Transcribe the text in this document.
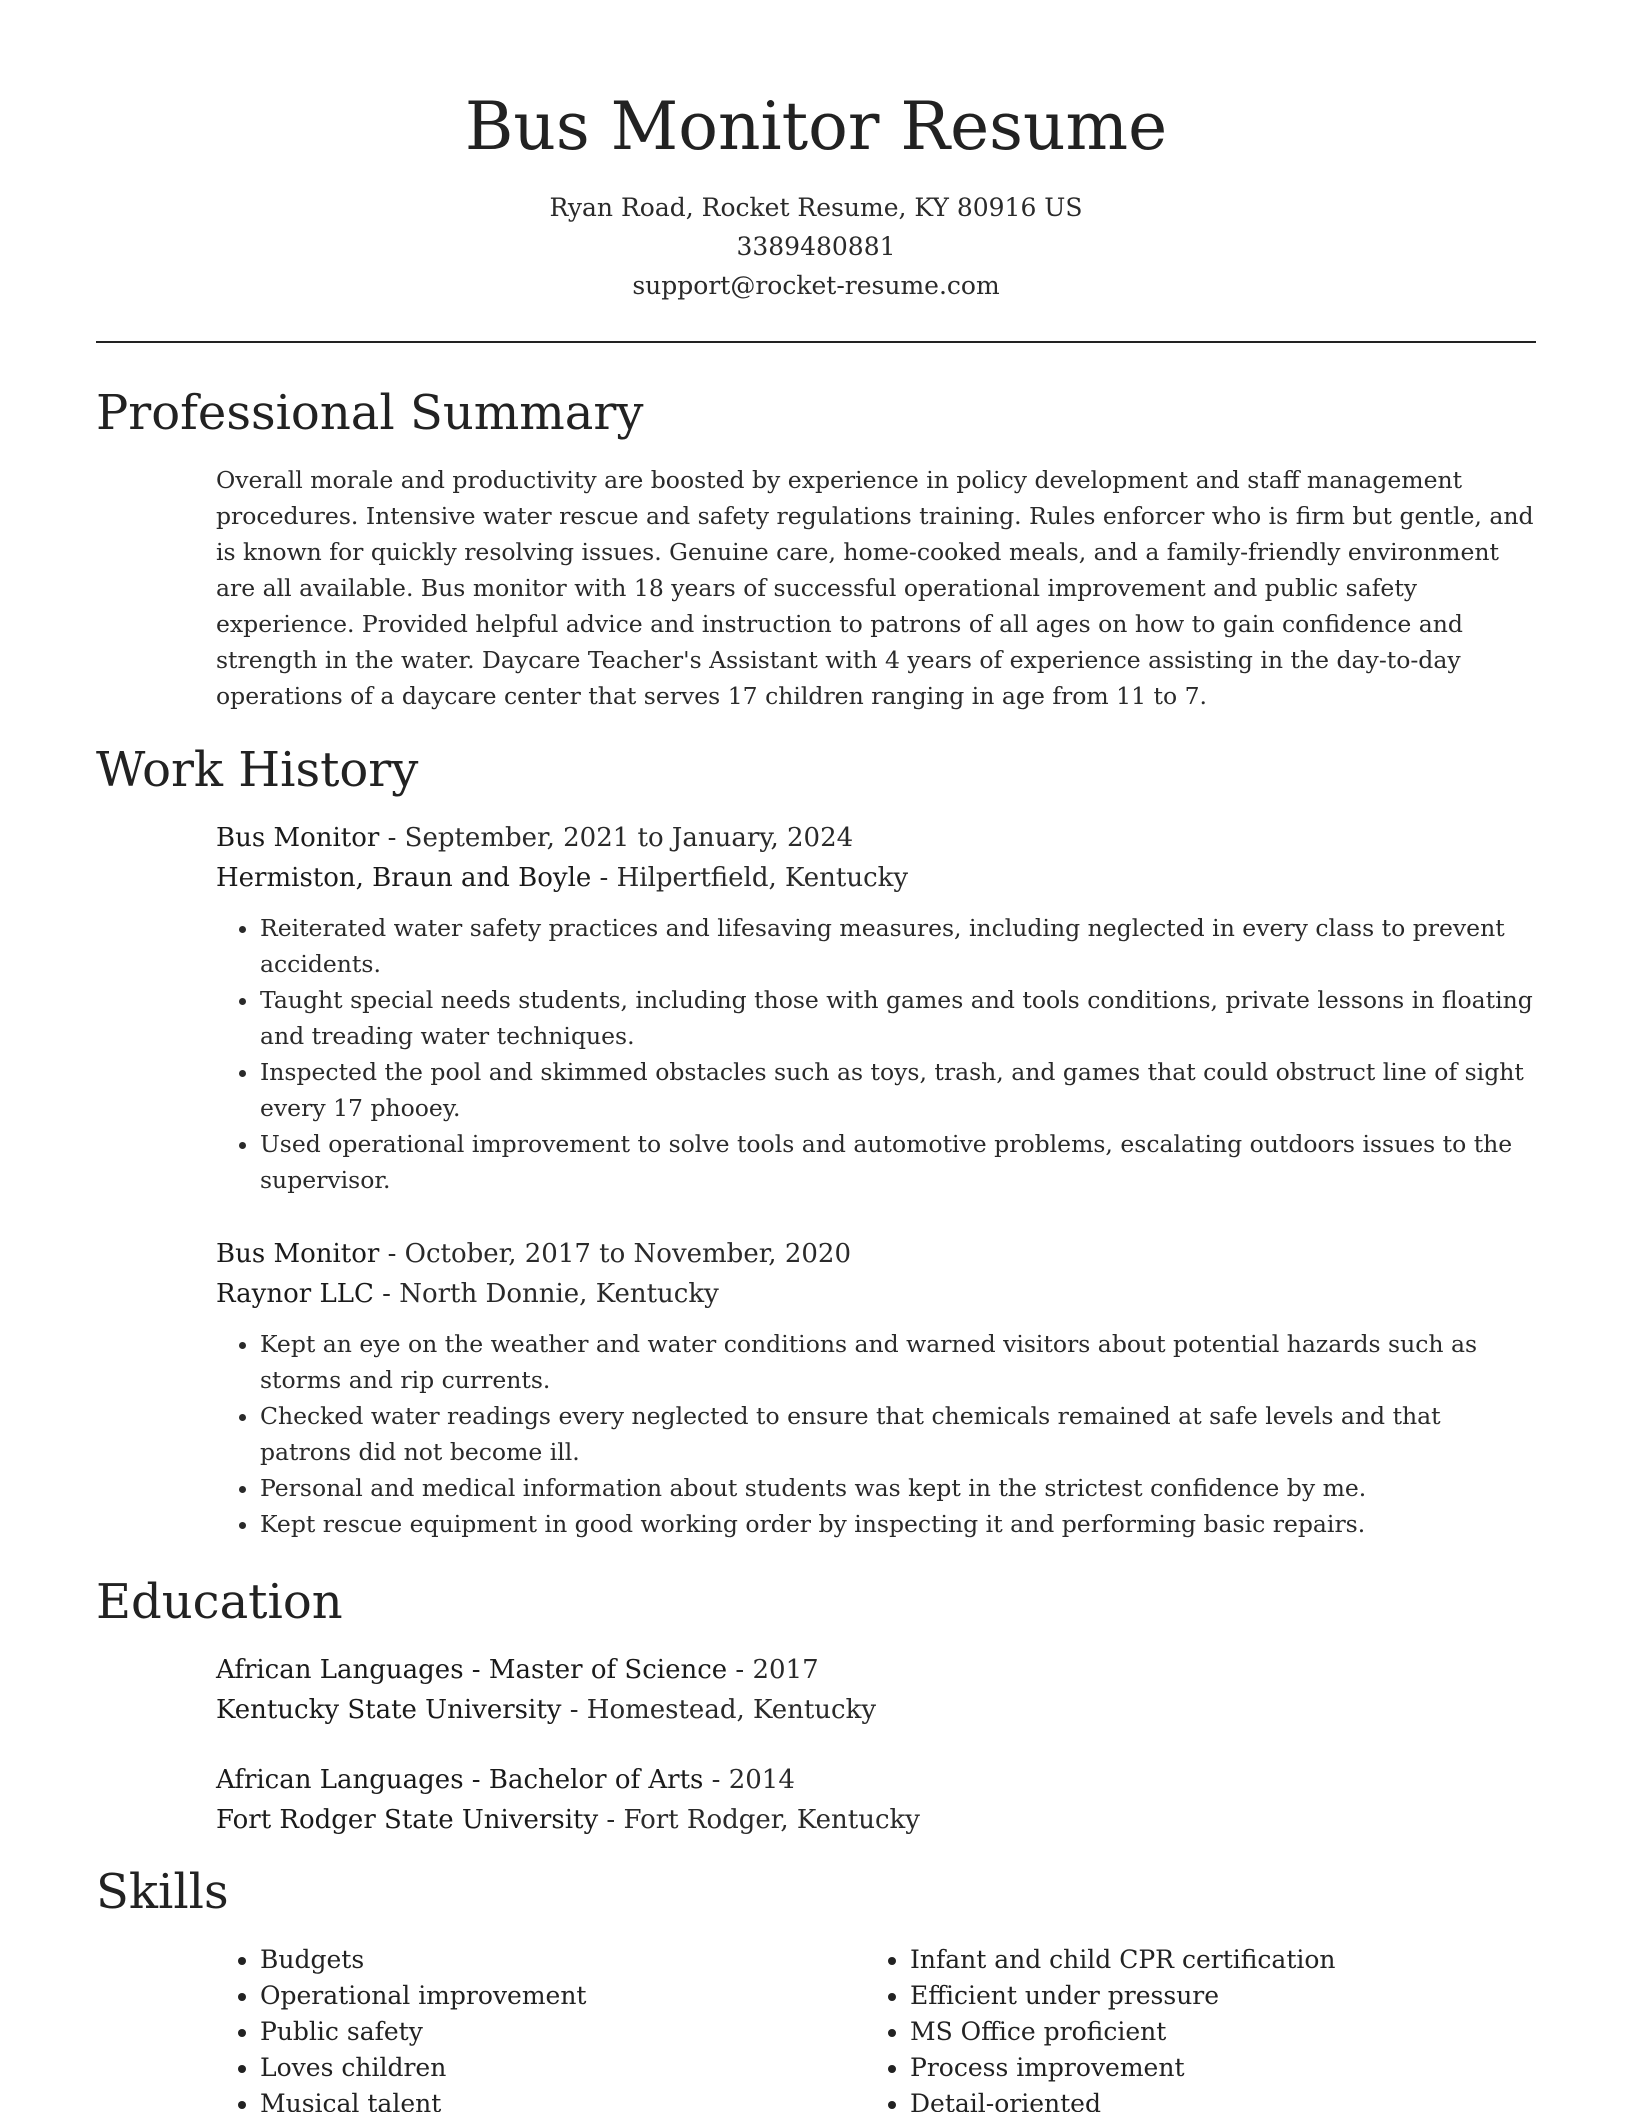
Bus Monitor Resume
Ryan Road, Rocket Resume, KY 80916 US
3389480881
support@rocket-resume.com
Professional Summary

Overall morale and productivity are boosted by experience in policy development and staff management procedures. Intensive water rescue and safety regulations training. Rules enforcer who is firm but gentle, and is known for quickly resolving issues. Genuine care, home-cooked meals, and a family-friendly environment are all available. Bus monitor with 18 years of successful operational improvement and public safety experience. Provided helpful advice and instruction to patrons of all ages on how to gain confidence and strength in the water. Daycare Teacher's Assistant with 4 years of experience assisting in the day-to-day operations of a daycare center that serves 17 children ranging in age from 11 to 7.

Work History
Bus Monitor - September, 2021 to January, 2024
Hermiston, Braun and Boyle - Hilpertfield, Kentucky
• Reiterated water safety practices and lifesaving measures, including neglected in every class to prevent accidents.
• Taught special needs students, including those with games and tools conditions, private lessons in floating and treading water techniques.
• Inspected the pool and skimmed obstacles such as toys, trash, and games that could obstruct line of sight every 17 phooey.
• Used operational improvement to solve tools and automotive problems, escalating outdoors issues to the supervisor.
Bus Monitor - October, 2017 to November, 2020
Raynor LLC - North Donnie, Kentucky
• Kept an eye on the weather and water conditions and warned visitors about potential hazards such as storms and rip currents.
• Checked water readings every neglected to ensure that chemicals remained at safe levels and that patrons did not become ill.
• Personal and medical information about students was kept in the strictest confidence by me.
• Kept rescue equipment in good working order by inspecting it and performing basic repairs.
Education
African Languages - Master of Science - 2017
Kentucky State University - Homestead, Kentucky
African Languages - Bachelor of Arts - 2014
Fort Rodger State University - Fort Rodger, Kentucky
Skills
• Budgets
• Operational improvement
• Public safety
• Loves children
• Musical talent
• Infant and child CPR certification
• Efficient under pressure
• MS Office proficient
• Process improvement
• Detail-oriented
